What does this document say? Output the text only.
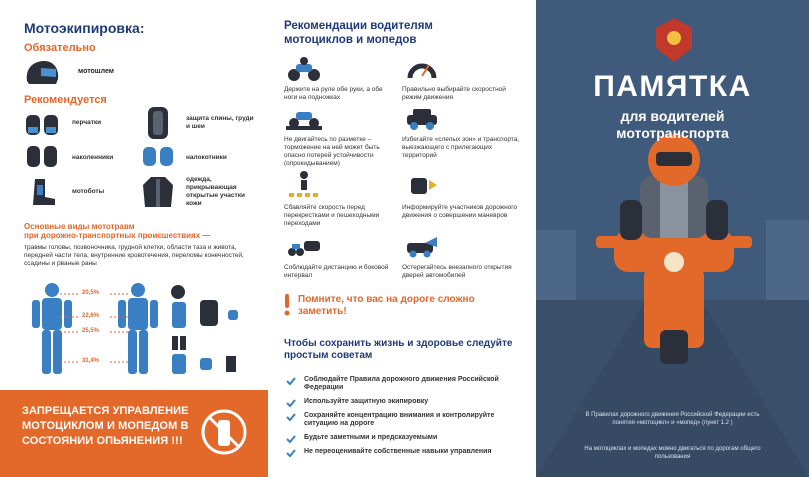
Мотоэкипировка:
Обязательно
мотошлем
Рекомендуется
перчатки
защита спины, груди и шеи
наколенники	налокотники
мотоботы
одежда, прикрывающая открытые участки кожи
Основные виды мототравм
при дорожно-транспортных происшествиях —
травмы головы, позвоночника, грудной клетки, области таза и живота, передней части тела, внутренние кровотечения, переломы конечностей, ссадины и рваные раны
20,5%
22,6%
25,5%
31,4%
ЗАПРЕЩАЕТСЯ УПРАВЛЕНИЕ МОТОЦИКЛОМ И МОПЕДОМ В СОСТОЯНИИ ОПЬЯНЕНИЯ !!!
Рекомендации водителям мотоциклов и мопедов
Держите на руле обе руки, а обе ноги на подножках
Правильно выбирайте скоростной режим движения
Не двигайтесь по разметке – торможение на ней может быть опасно потерей устойчивости (опрокидыванием)
Избегайте «слепых зон» и транспорта, выезжающего с прилегающих территорий
Сбавляйте скорость перед перекрестками и пешеходными переходами
Информируйте участников дорожного движения о совершении маневров
Соблюдайте дистанцию и боковой интервал
Остерегайтесь внезапного открытия дверей автомобилей
Помните, что вас на дороге сложно заметить!
Чтобы сохранить жизнь и здоровье следуйте простым советам
Соблюдайте Правила дорожного движения Российской Федерации
Используйте защитную экипировку
Сохраняйте концентрацию внимания и контролируйте ситуацию на дороге
Будьте заметными и предсказуемыми
Не переоценивайте собственные навыки управления
ПАМЯТКА
для водителей
мототранспорта
В Правилах дорожного движения Российской Федерации есть понятия «мотоцикл» и «мопед» (пункт 1.2 )
На мотоциклах и мопедах можно двигаться по дорогам общего пользования
